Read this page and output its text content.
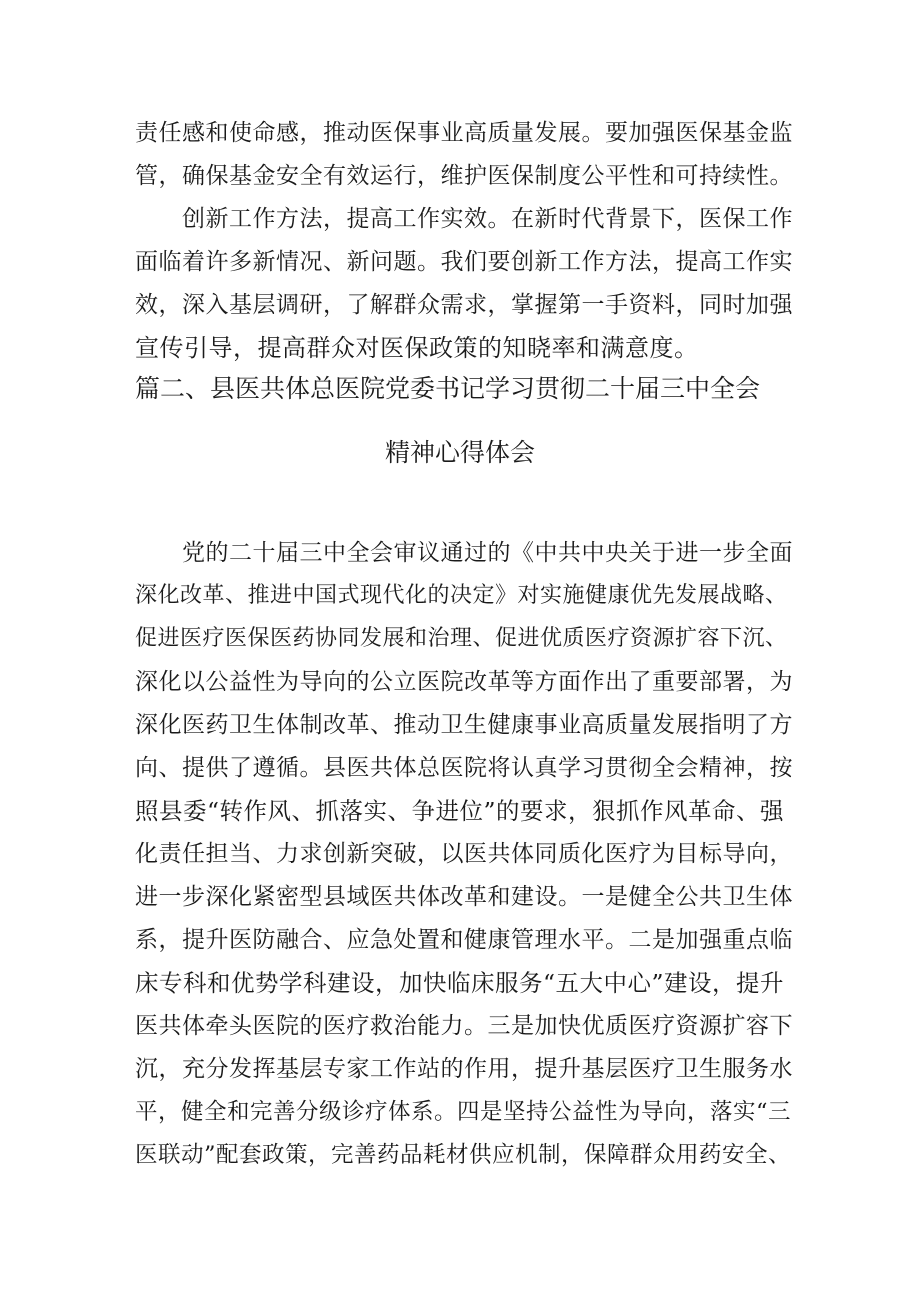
责任感和使命感，推动医保事业高质量发展。要加强医保基金监
管，确保基金安全有效运行，维护医保制度公平性和可持续性。
　　创新工作方法，提高工作实效。在新时代背景下，医保工作
面临着许多新情况、新问题。我们要创新工作方法，提高工作实
效，深入基层调研，了解群众需求，掌握第一手资料，同时加强
宣传引导，提高群众对医保政策的知晓率和满意度。
篇二、县医共体总医院党委书记学习贯彻二十届三中全会
精神心得体会
　　党的二十届三中全会审议通过的《中共中央关于进一步全面
深化改革、推进中国式现代化的决定》对实施健康优先发展战略、
促进医疗医保医药协同发展和治理、促进优质医疗资源扩容下沉、
深化以公益性为导向的公立医院改革等方面作出了重要部署，为
深化医药卫生体制改革、推动卫生健康事业高质量发展指明了方
向、提供了遵循。县医共体总医院将认真学习贯彻全会精神，按
照县委“转作风、抓落实、争进位”的要求，狠抓作风革命、强
化责任担当、力求创新突破，以医共体同质化医疗为目标导向，
进一步深化紧密型县域医共体改革和建设。一是健全公共卫生体
系，提升医防融合、应急处置和健康管理水平。二是加强重点临
床专科和优势学科建设，加快临床服务“五大中心”建设，提升
医共体牵头医院的医疗救治能力。三是加快优质医疗资源扩容下
沉，充分发挥基层专家工作站的作用，提升基层医疗卫生服务水
平，健全和完善分级诊疗体系。四是坚持公益性为导向，落实“三
医联动”配套政策，完善药品耗材供应机制，保障群众用药安全、
